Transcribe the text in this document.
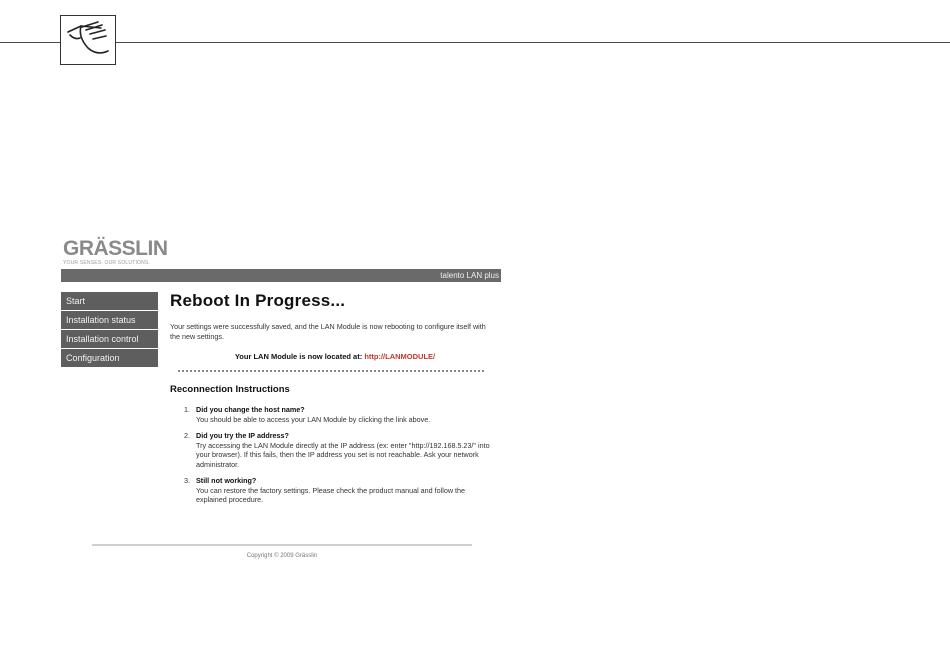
GRÄSSLIN
YOUR SENSES. OUR SOLUTIONS.
talento LAN plus
Start
Installation status
Installation control
Configuration
Reboot In Progress...
Your settings were successfully saved, and the LAN Module is now rebooting to configure itself with the new settings.
Your LAN Module is now located at: http://LANMODULE/
Reconnection Instructions
1. Did you change the host name?
You should be able to access your LAN Module by clicking the link above.
2. Did you try the IP address?
Try accessing the LAN Module directly at the IP address (ex: enter "http://192.168.5.23/" into your browser). If this fails, then the IP address you set is not reachable. Ask your network administrator.
3. Still not working?
You can restore the factory settings. Please check the product manual and follow the explained procedure.
Copyright © 2009 Grässlin
